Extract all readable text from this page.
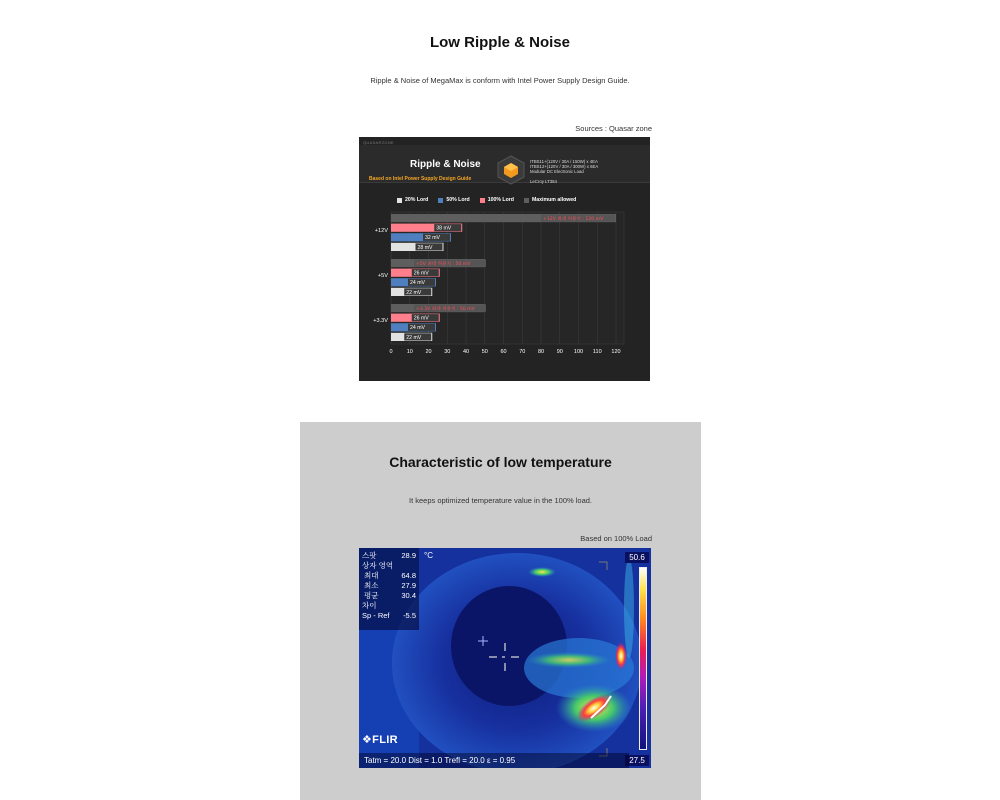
Low Ripple & Noise
Ripple & Noise of MegaMax is conform with Intel Power Supply Design Guide.
Sources : Quasar zone
QUASARZONE
Ripple & Noise
Based on Intel Power Supply Design Guide
ITBS11+(120V / 30A / 150W) x 4EA
ITBS12+(120V / 30A / 300W) x 6EA
Modular DC Electronic Load
LeCroy LT354
20% Lord	50% Lord	100% Lord	Maximum allowed
0	10 20 30 40 50 60 70 80 90 100 110 120
+12V 최대 허용치 : 120 mV
38 mV
32 mV
28 mV
+12V
+5V 최대 허용치 : 50 mV
26 mV
24 mV
22 mV
+5V
+3.3V 최대 허용치 : 50 mV
26 mV
24 mV
22 mV
+3.3V
Characteristic of low temperature
It keeps optimized temperature value in the 100% load.
Based on 100% Load
스팟	28.9
상자 영역
최대	64.8
최소	27.9
평균	30.4
차이
Sp - Ref -5.5
°C	50.6
27.5
❖FLIR
Tatm = 20.0 Dist = 1.0 Trefl = 20.0 ε = 0.95
